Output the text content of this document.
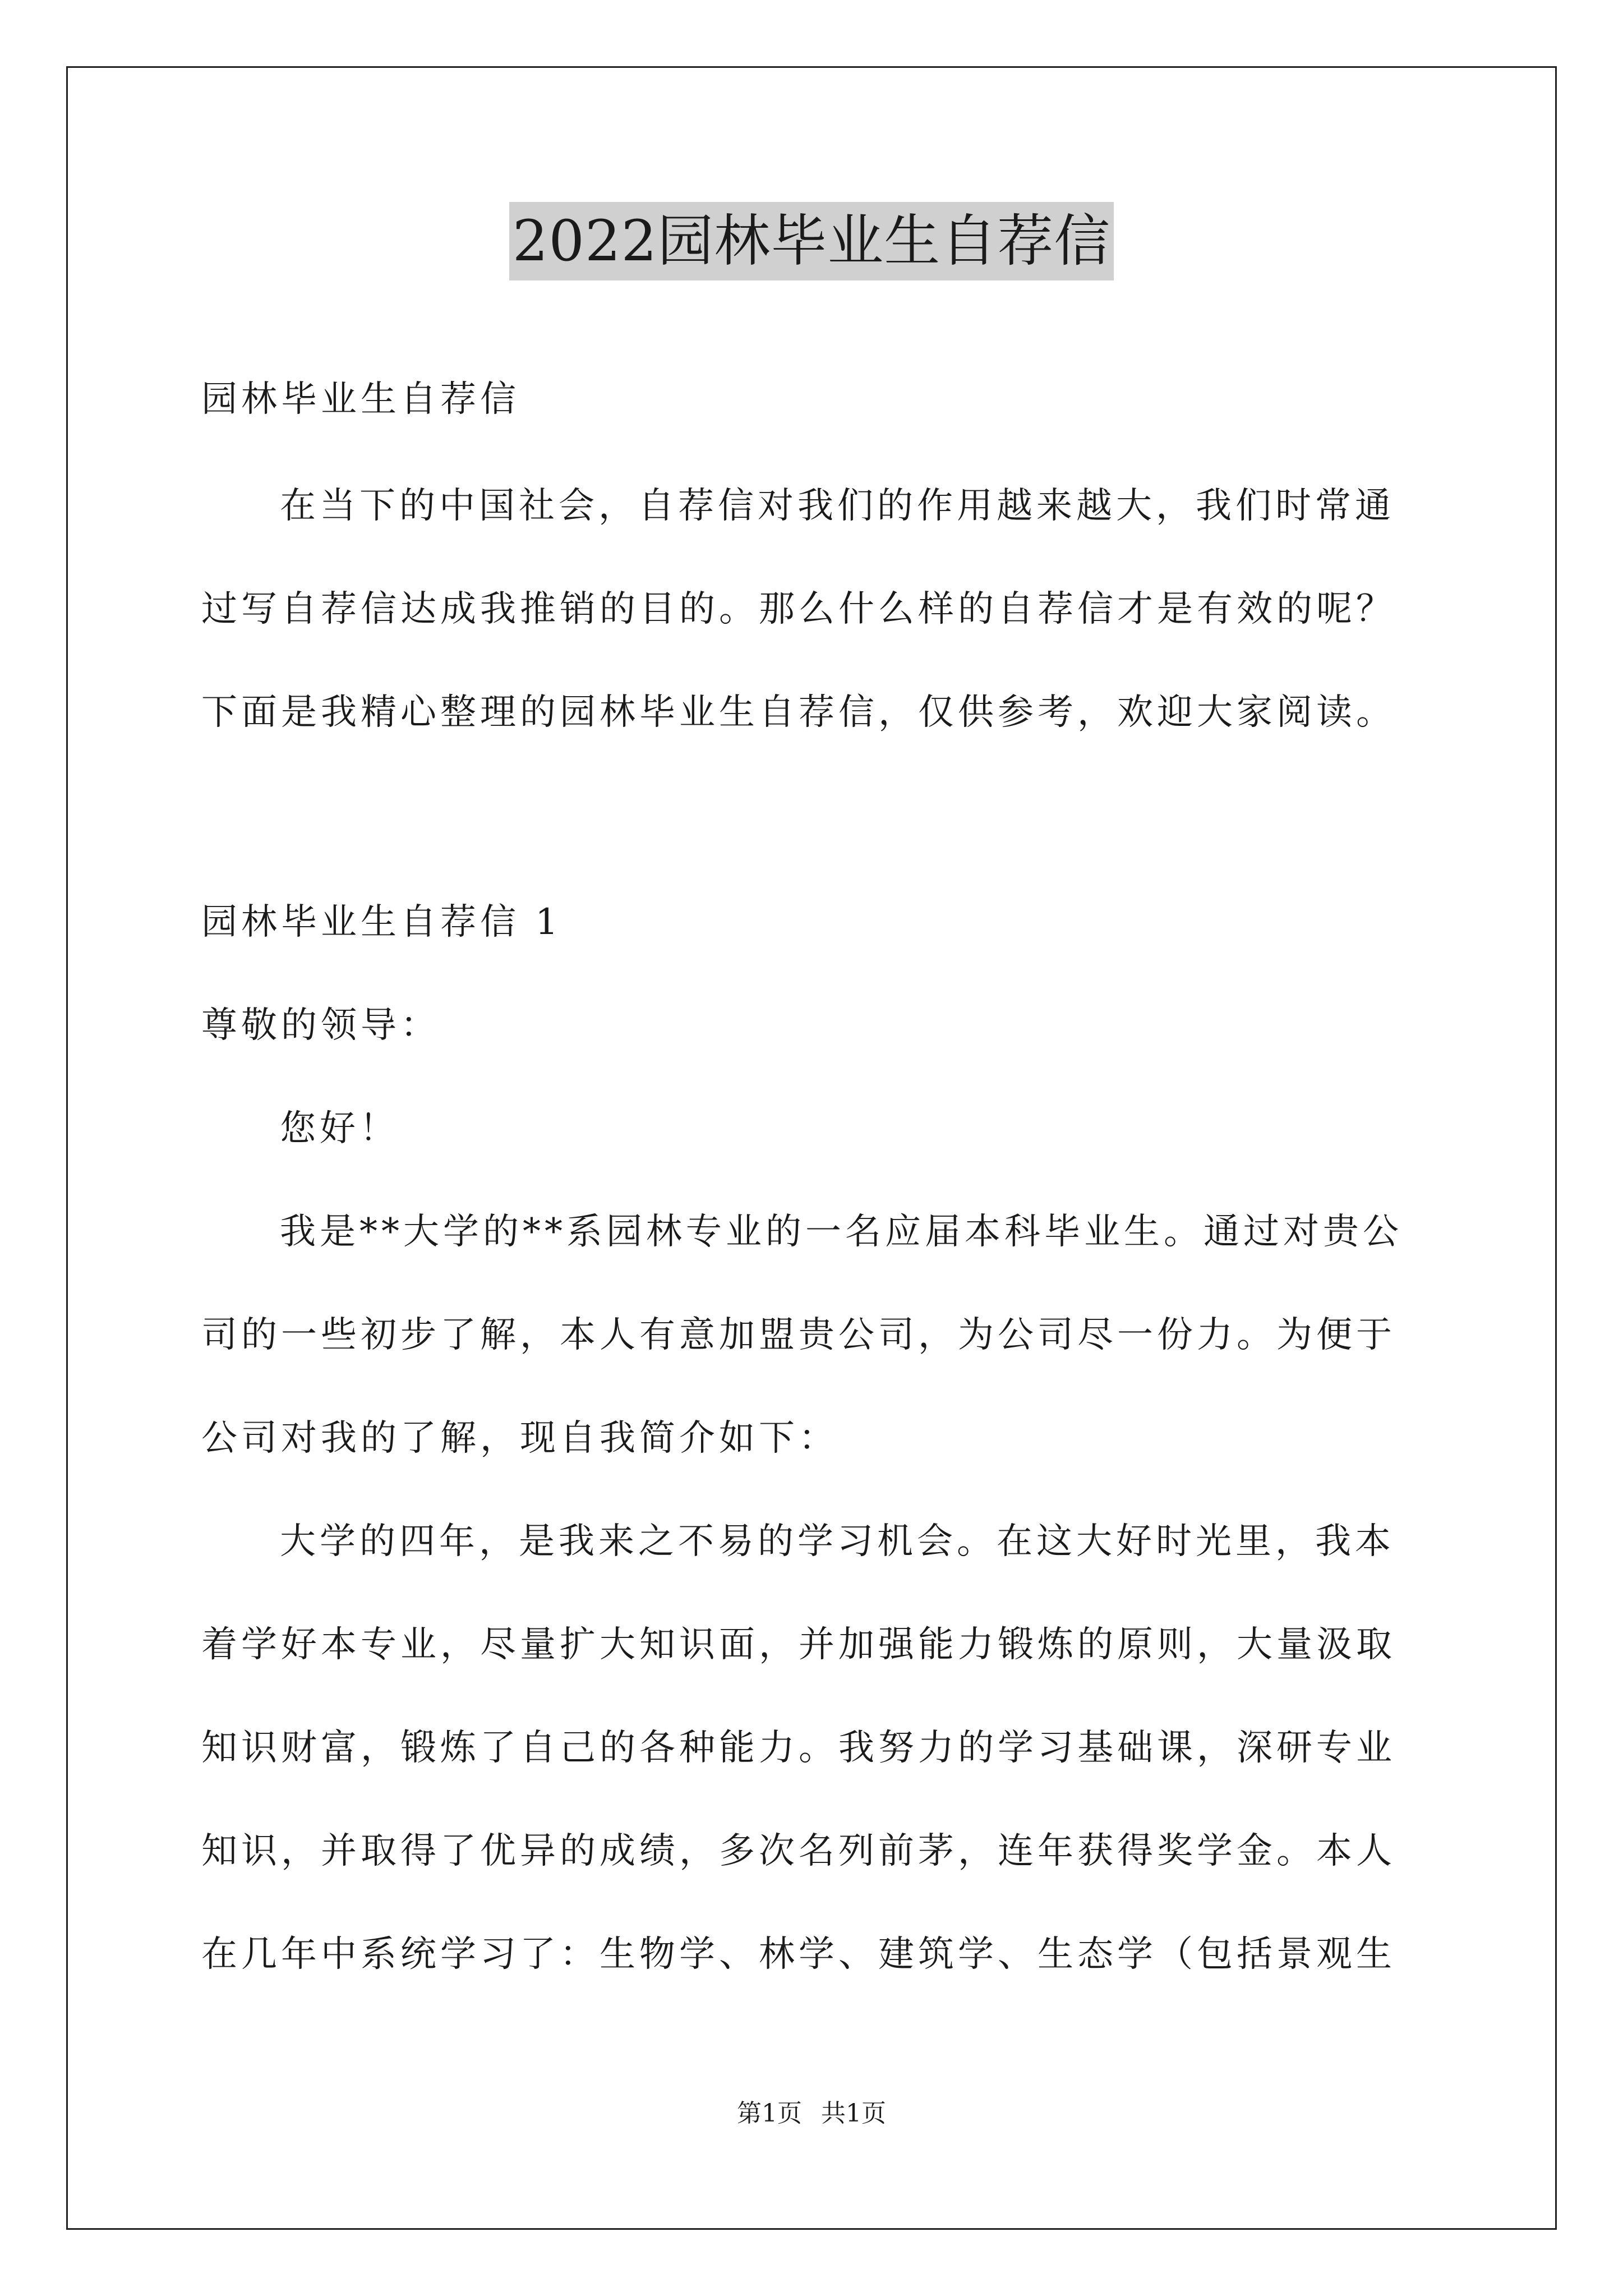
2022园林毕业生自荐信

园林毕业生自荐信

在当下的中国社会，自荐信对我们的作用越来越大，我们时常通过写自荐信达成我推销的目的。那么什么样的自荐信才是有效的呢？下面是我精心整理的园林毕业生自荐信，仅供参考，欢迎大家阅读。

园林毕业生自荐信 1

尊敬的领导：

您好！

我是**大学的**系园林专业的一名应届本科毕业生。通过对贵公司的一些初步了解，本人有意加盟贵公司，为公司尽一份力。为便于公司对我的了解，现自我简介如下：

大学的四年，是我来之不易的学习机会。在这大好时光里，我本着学好本专业，尽量扩大知识面，并加强能力锻炼的原则，大量汲取知识财富，锻炼了自己的各种能力。我努力的学习基础课，深研专业知识，并取得了优异的成绩，多次名列前茅，连年获得奖学金。本人在几年中系统学习了：生物学、林学、建筑学、生态学（包括景观生

第1页 共1页
